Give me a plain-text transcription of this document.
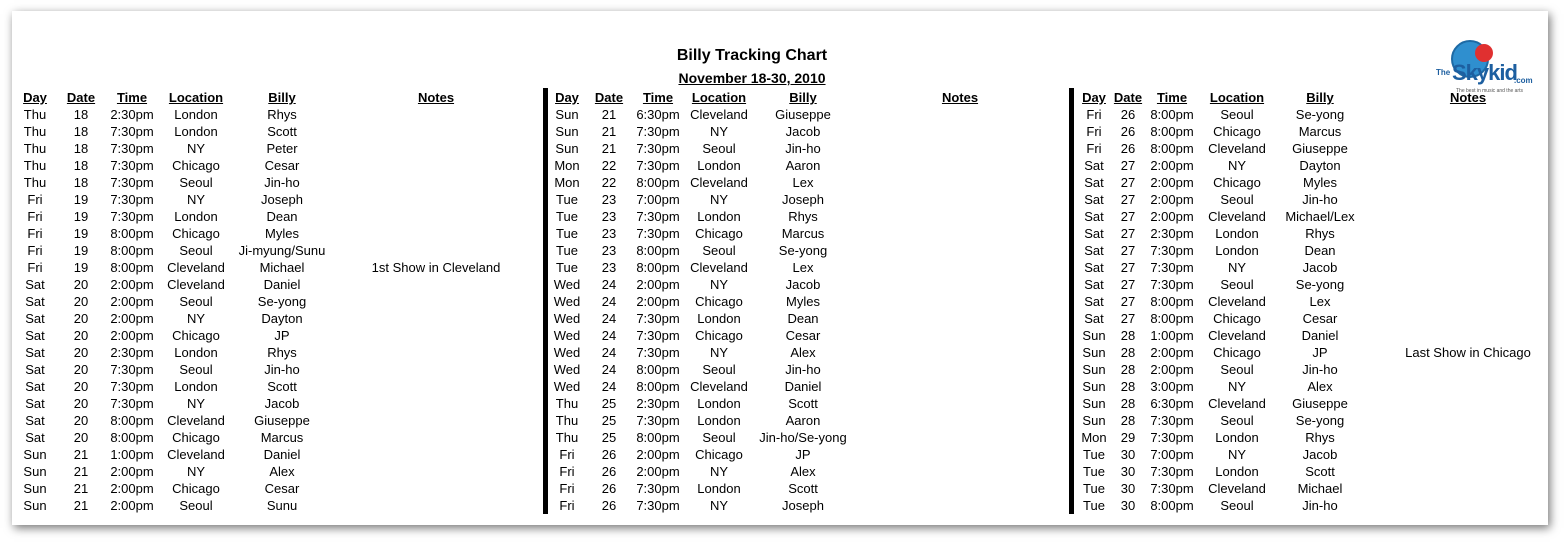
Billy Tracking Chart
November 18-30, 2010	The Skykid
.com
The best in music and the arts
Day	Date	Time	Location	Billy	Notes
Thu	18	2:30pm	London	Rhys
Thu	18	7:30pm	London	Scott
Thu	18	7:30pm	NY	Peter
Thu	18	7:30pm	Chicago	Cesar
Thu	18	7:30pm	Seoul	Jin-ho
Fri	19	7:30pm	NY	Joseph
Fri	19	7:30pm	London	Dean
Fri	19	8:00pm	Chicago	Myles
Fri	19	8:00pm	Seoul	Ji-myung/Sunu
Fri	19	8:00pm	Cleveland	Michael	1st Show in Cleveland
Sat	20	2:00pm	Cleveland	Daniel
Sat	20	2:00pm	Seoul	Se-yong
Sat	20	2:00pm	NY	Dayton
Sat	20	2:00pm	Chicago	JP
Sat	20	2:30pm	London	Rhys
Sat	20	7:30pm	Seoul	Jin-ho
Sat	20	7:30pm	London	Scott
Sat	20	7:30pm	NY	Jacob
Sat	20	8:00pm	Cleveland	Giuseppe
Sat	20	8:00pm	Chicago	Marcus
Sun	21	1:00pm	Cleveland	Daniel
Sun	21	2:00pm	NY	Alex
Sun	21	2:00pm	Chicago	Cesar
Sun	21	2:00pm	Seoul	Sunu
Day	Date	Time	Location	Billy	Notes
Sun	21	6:30pm Cleveland	Giuseppe
Sun	21	7:30pm	NY	Jacob
Sun	21	7:30pm	Seoul	Jin-ho
Mon	22	7:30pm	London	Aaron
Mon	22	8:00pm Cleveland	Lex
Tue	23	7:00pm	NY	Joseph
Tue	23	7:30pm	London	Rhys
Tue	23	7:30pm	Chicago	Marcus
Tue	23	8:00pm	Seoul	Se-yong
Tue	23	8:00pm Cleveland	Lex
Wed	24	2:00pm	NY	Jacob
Wed	24	2:00pm	Chicago	Myles
Wed	24	7:30pm	London	Dean
Wed	24	7:30pm	Chicago	Cesar
Wed	24	7:30pm	NY	Alex
Wed	24	8:00pm	Seoul	Jin-ho
Wed	24	8:00pm Cleveland	Daniel
Thu	25	2:30pm	London	Scott
Thu	25	7:30pm	London	Aaron
Thu	25	8:00pm	Seoul	Jin-ho/Se-yong
Fri	26	2:00pm	Chicago	JP
Fri	26	2:00pm	NY	Alex
Fri	26	7:30pm	London	Scott
Fri	26	7:30pm	NY	Joseph
Day Date	Time	Location	Billy	Notes
Fri	26	8:00pm	Seoul	Se-yong
Fri	26	8:00pm	Chicago	Marcus
Fri	26	8:00pm	Cleveland	Giuseppe
Sat	27	2:00pm	NY	Dayton
Sat	27	2:00pm	Chicago	Myles
Sat	27	2:00pm	Seoul	Jin-ho
Sat	27	2:00pm	Cleveland	Michael/Lex
Sat	27	2:30pm	London	Rhys
Sat	27	7:30pm	London	Dean
Sat	27	7:30pm	NY	Jacob
Sat	27	7:30pm	Seoul	Se-yong
Sat	27	8:00pm	Cleveland	Lex
Sat	27	8:00pm	Chicago	Cesar
Sun	28	1:00pm	Cleveland	Daniel
Sun	28	2:00pm	Chicago	JP	Last Show in Chicago
Sun	28	2:00pm	Seoul	Jin-ho
Sun	28	3:00pm	NY	Alex
Sun	28	6:30pm	Cleveland	Giuseppe
Sun	28	7:30pm	Seoul	Se-yong
Mon	29	7:30pm	London	Rhys
Tue	30	7:00pm	NY	Jacob
Tue	30	7:30pm	London	Scott
Tue	30	7:30pm	Cleveland	Michael
Tue	30	8:00pm	Seoul	Jin-ho
